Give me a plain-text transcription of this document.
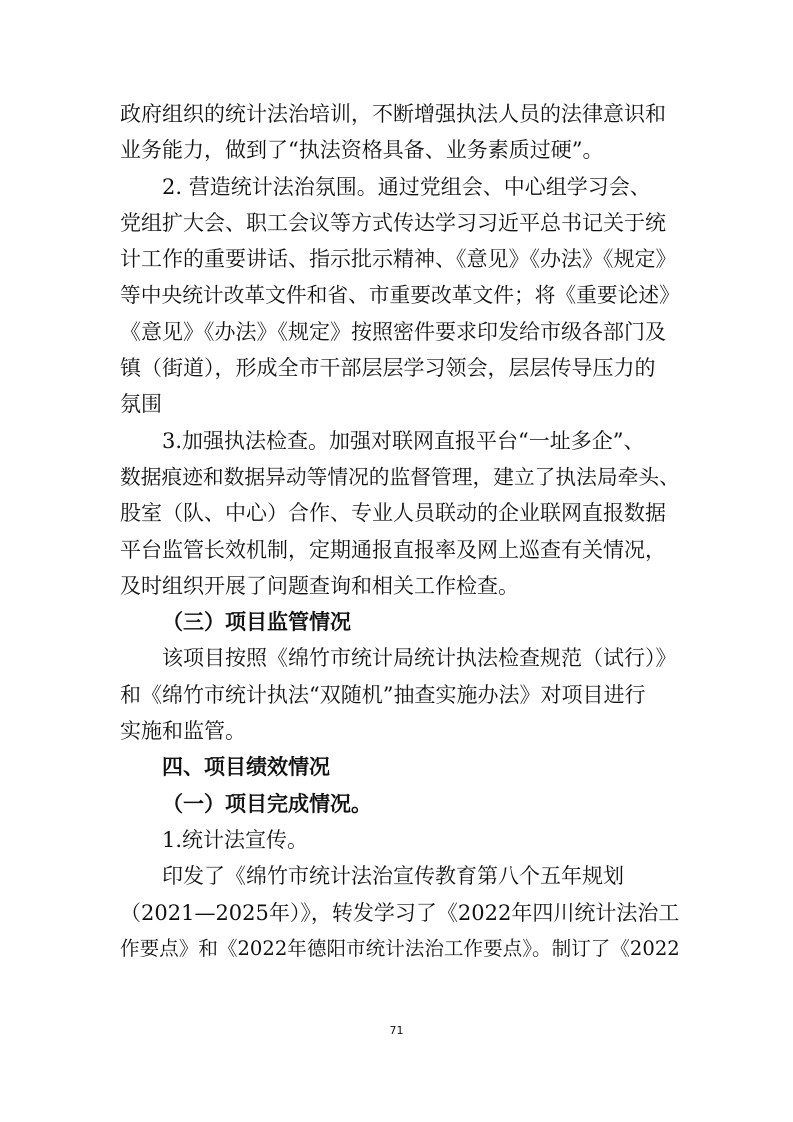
政府组织的统计法治培训，不断增强执法人员的法律意识和
业务能力，做到了“执法资格具备、业务素质过硬”。
2. 营造统计法治氛围。通过党组会、中心组学习会、
党组扩大会、职工会议等方式传达学习习近平总书记关于统
计工作的重要讲话、指示批示精神、《意见》《办法》《规定》
等中央统计改革文件和省、市重要改革文件；将《重要论述》
《意见》《办法》《规定》按照密件要求印发给市级各部门及
镇（街道），形成全市干部层层学习领会，层层传导压力的
氛围
3.加强执法检查。加强对联网直报平台“一址多企”、
数据痕迹和数据异动等情况的监督管理，建立了执法局牵头、
股室（队、中心）合作、专业人员联动的企业联网直报数据
平台监管长效机制，定期通报直报率及网上巡查有关情况，
及时组织开展了问题查询和相关工作检查。
（三）项目监管情况
该项目按照《绵竹市统计局统计执法检查规范（试行）》
和《绵竹市统计执法“双随机”抽查实施办法》对项目进行
实施和监管。
四、项目绩效情况
（一）项目完成情况。
1.统计法宣传。
印发了《绵竹市统计法治宣传教育第八个五年规划
（2021—2025年）》，转发学习了《2022年四川统计法治工
作要点》和《2022年德阳市统计法治工作要点》。制订了《2022
71
